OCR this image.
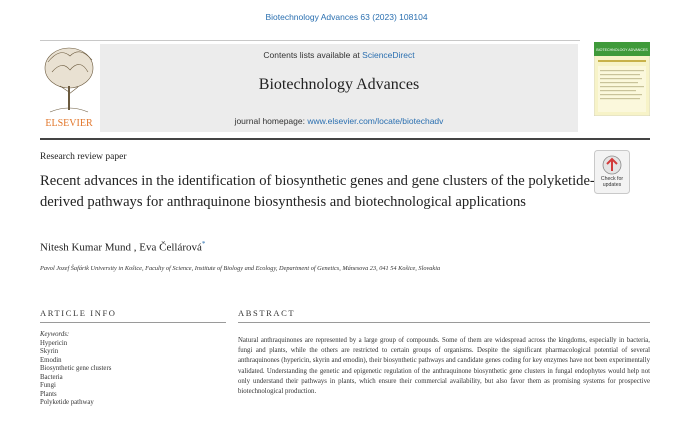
Biotechnology Advances 63 (2023) 108104
ELSEVIER
Contents lists available at ScienceDirect
Biotechnology Advances
journal homepage: www.elsevier.com/locate/biotechadv
BIOTECHNOLOGY ADVANCES
Research review paper
Recent advances in the identification of biosynthetic genes and gene clusters of the polyketide-derived pathways for anthraquinone biosynthesis and biotechnological applications
Check for updates
Nitesh Kumar Mund , Eva Čellárová*
Pavol Jozef Šafárik University in Košice, Faculty of Science, Institute of Biology and Ecology, Department of Genetics, Mánesova 23, 041 54 Košice, Slovakia
ARTICLE INFO	ABSTRACT
Keywords:
Hypericin
Skyrin
Emodin
Biosynthetic gene clusters
Bacteria
Fungi
Plants
Polyketide pathway
Natural anthraquinones are represented by a large group of compounds. Some of them are widespread across the kingdoms, especially in bacteria, fungi and plants, while the others are restricted to certain groups of organisms. Despite the significant pharmacological potential of several anthraquinones (hypericin, skyrin and emodin), their biosynthetic pathways and candidate genes coding for key enzymes have not been experimentally validated. Understanding the genetic and epigenetic regulation of the anthraquinone biosynthetic gene clusters in fungal endophytes would help not only understand their pathways in plants, which ensure their commercial availability, but also favor them as promising systems for prospective biotechnological production.
